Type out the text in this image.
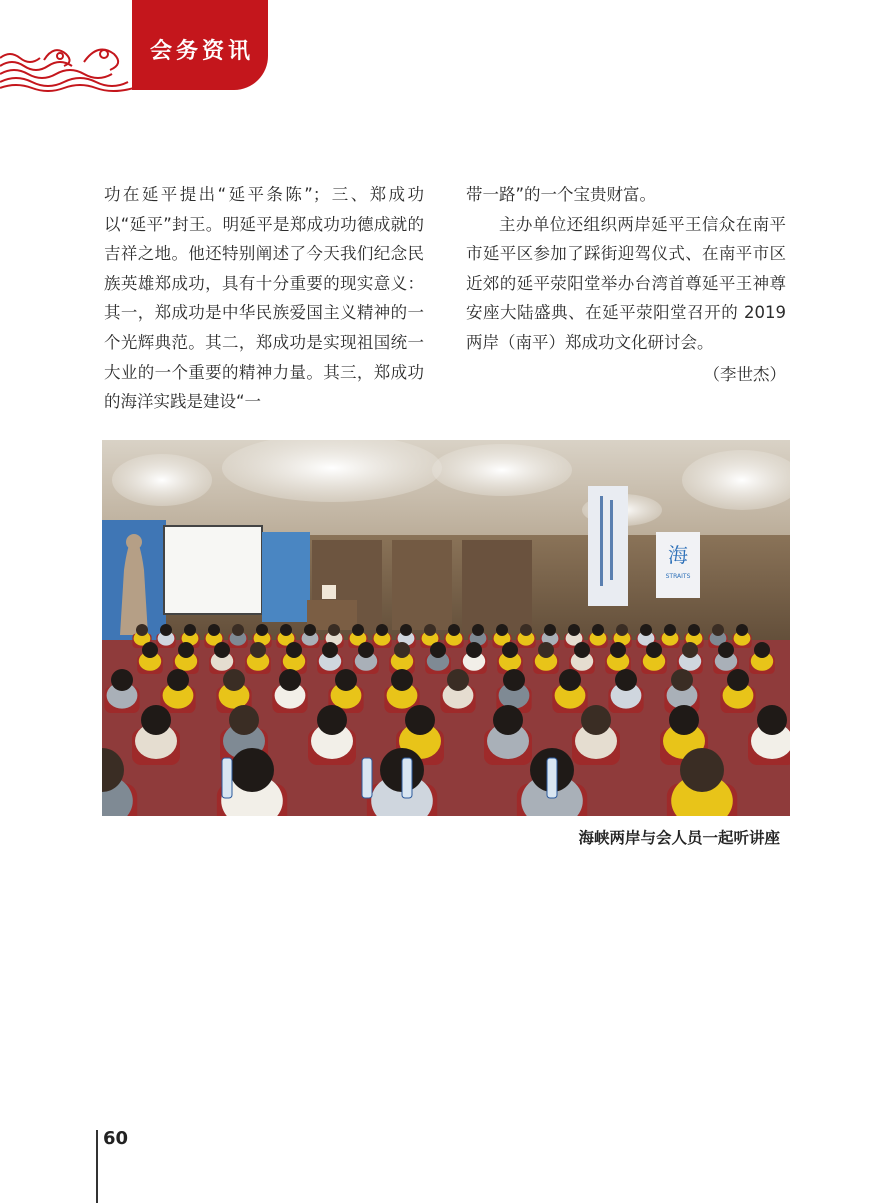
会务资讯

功在延平提出“延平条陈”；三、郑成功以“延平”封王。明延平是郑成功功德成就的吉祥之地。他还特别阐述了今天我们纪念民族英雄郑成功，具有十分重要的现实意义：其一，郑成功是中华民族爱国主义精神的一个光辉典范。其二，郑成功是实现祖国统一大业的一个重要的精神力量。其三，郑成功的海洋实践是建设“一

带一路”的一个宝贵财富。

主办单位还组织两岸延平王信众在南平市延平区参加了踩街迎驾仪式、在南平市区近郊的延平荥阳堂举办台湾首尊延平王神尊安座大陆盛典、在延平荥阳堂召开的 2019 两岸（南平）郑成功文化研讨会。

（李世杰）

海
STRAITS
海峡两岸与会人员一起听讲座
60
